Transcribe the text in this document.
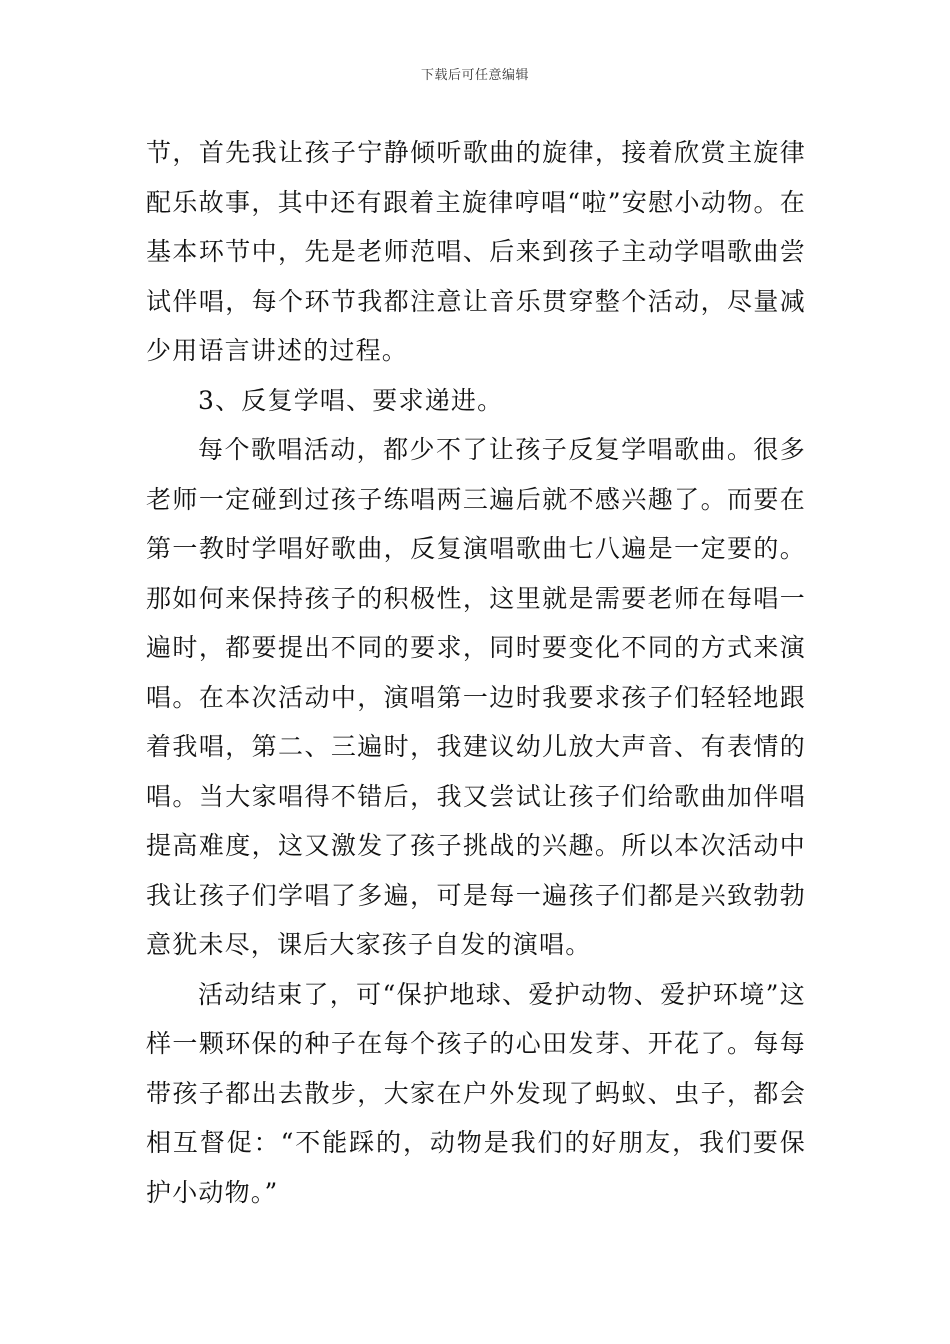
下载后可任意编辑

节，首先我让孩子宁静倾听歌曲的旋律，接着欣赏主旋律配乐故事，其中还有跟着主旋律哼唱“啦”安慰小动物。在基本环节中，先是老师范唱、后来到孩子主动学唱歌曲尝试伴唱，每个环节我都注意让音乐贯穿整个活动，尽量减少用语言讲述的过程。

3、反复学唱、要求递进。

每个歌唱活动，都少不了让孩子反复学唱歌曲。很多老师一定碰到过孩子练唱两三遍后就不感兴趣了。而要在第一教时学唱好歌曲，反复演唱歌曲七八遍是一定要的。那如何来保持孩子的积极性，这里就是需要老师在每唱一遍时，都要提出不同的要求，同时要变化不同的方式来演唱。在本次活动中，演唱第一边时我要求孩子们轻轻地跟着我唱，第二、三遍时，我建议幼儿放大声音、有表情的唱。当大家唱得不错后，我又尝试让孩子们给歌曲加伴唱提高难度，这又激发了孩子挑战的兴趣。所以本次活动中我让孩子们学唱了多遍，可是每一遍孩子们都是兴致勃勃意犹未尽，课后大家孩子自发的演唱。

活动结束了，可“保护地球、爱护动物、爱护环境”这样一颗环保的种子在每个孩子的心田发芽、开花了。每每带孩子都出去散步，大家在户外发现了蚂蚁、虫子，都会相互督促：“不能踩的，动物是我们的好朋友，我们要保护小动物。”
